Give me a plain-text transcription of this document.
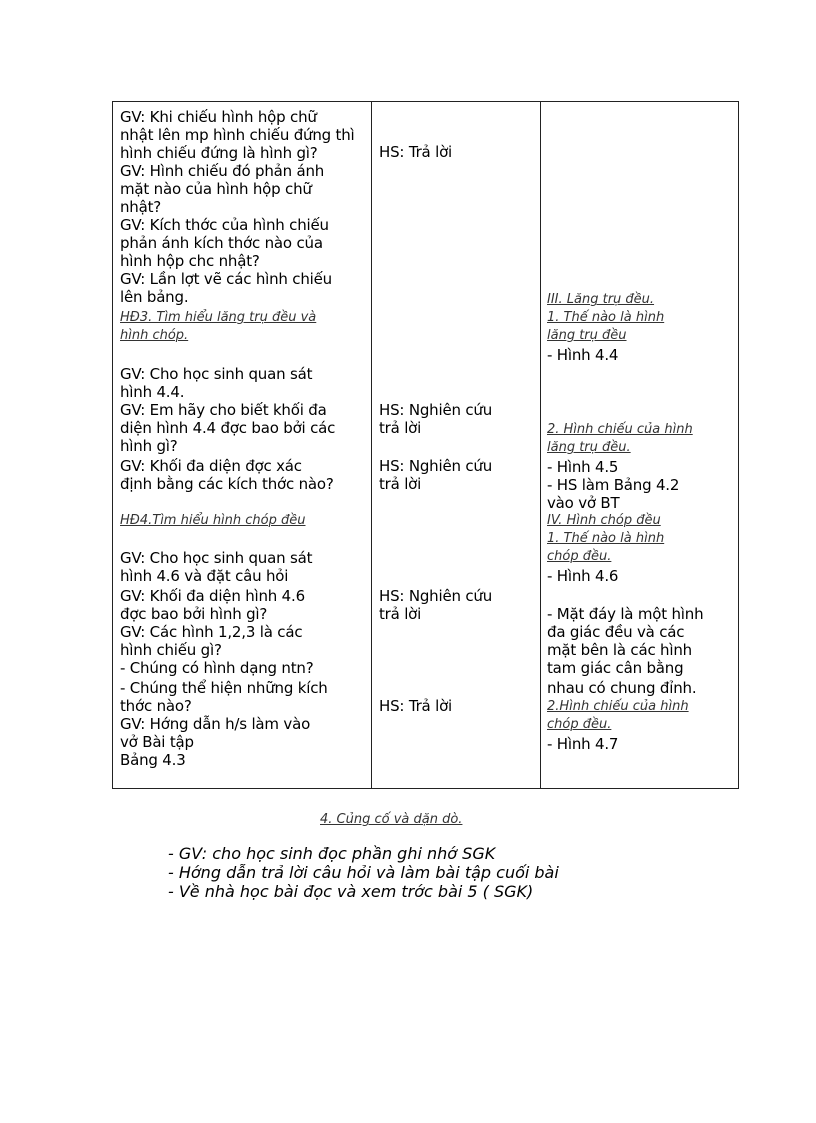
GV: Khi chiếu hình hộp chữ
nhật lên mp hình chiếu đứng thì
hình chiếu đứng là hình gì?
GV: Hình chiếu đó phản ánh
mặt nào của hình hộp chữ
nhật?
GV: Kích thớc của hình chiếu
phản ánh kích thớc nào của
hình hộp chc nhật?
GV: Lần lợt vẽ các hình chiếu
lên bảng.
HĐ3. Tìm hiểu lăng trụ đều và
hình chóp.
GV: Cho học sinh quan sát
hình 4.4.
GV: Em hãy cho biết khối đa
diện hình 4.4 đợc bao bởi các
hình gì?
GV: Khối đa diện đợc xác
định bằng các kích thớc nào?
HĐ4.Tìm hiểu hình chóp đều
GV: Cho học sinh quan sát
hình 4.6 và đặt câu hỏi
GV: Khối đa diện hình 4.6
đợc bao bởi hình gì?
GV: Các hình 1,2,3 là các
hình chiếu gì?
- Chúng có hình dạng ntn?
- Chúng thể hiện những kích
thớc nào?
GV: Hớng dẫn h/s làm vào
vở Bài tập
Bảng 4.3
HS: Trả lời
HS: Nghiên cứu
trả lời
HS: Nghiên cứu
trả lời
HS: Nghiên cứu
trả lời
HS: Trả lời
III. Lăng trụ đều.
1. Thế nào là hình
lăng trụ đều
- Hình 4.4
2. Hình chiếu của hình
lăng trụ đều.
- Hình 4.5
- HS làm Bảng 4.2
vào vở BT
IV. Hình chóp đều
1. Thế nào là hình
chóp đều.
- Hình 4.6
- Mặt đáy là một hình
đa giác đều và các
mặt bên là các hình
tam giác cân bằng
nhau có chung đỉnh.
2.Hình chiếu của hình
chóp đều.
- Hình 4.7
4. Củng cố và dặn dò.
- GV: cho học sinh đọc phần ghi nhớ SGK
- Hớng dẫn trả lời câu hỏi và làm bài tập cuối bài
- Về nhà học bài đọc và xem trớc bài 5 ( SGK)
